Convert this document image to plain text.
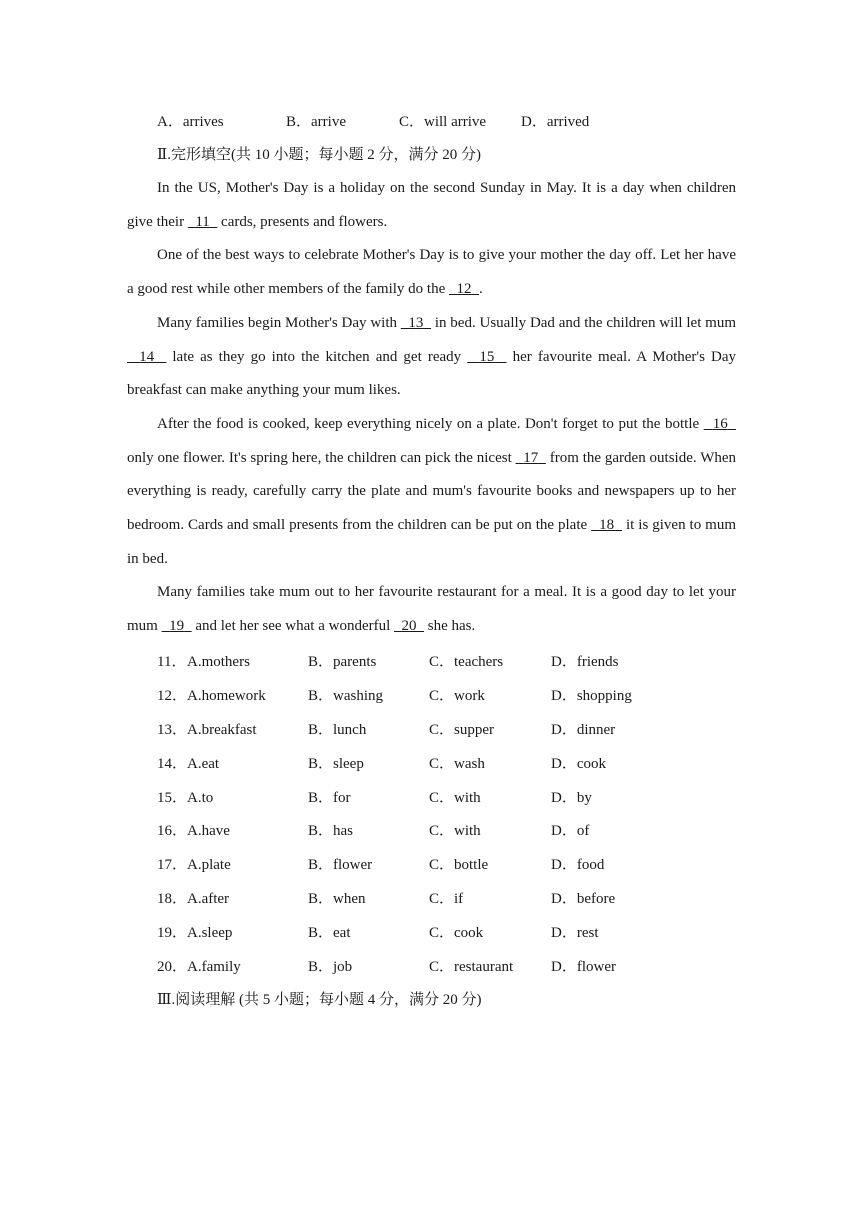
A．arrives	B．arrive	C．will arrive D．arrived
Ⅱ.完形填空(共 10 小题；每小题 2 分，满分 20 分)

In the US, Mother's Day is a holiday on the second Sunday in May. It is a day when children give their   11   cards, presents and flowers.

One of the best ways to celebrate Mother's Day is to give your mother the day off. Let her have a good rest while other members of the family do the   12 .

Many families begin Mother's Day with   13   in bed. Usually Dad and the children will let mum   14   late as they go into the kitchen and get ready   15   her favourite meal. A Mother's Day breakfast can make anything your mum likes.

After the food is cooked, keep everything nicely on a plate. Don't forget to put the bottle   16   only one flower. It's spring here, the children can pick the nicest   17   from the garden outside. When everything is ready, carefully carry the plate and mum's favourite books and newspapers up to her bedroom. Cards and small presents from the children can be put on the plate   18   it is given to mum in bed.

Many families take mum out to her favourite restaurant for a meal. It is a good day to let your mum   19   and let her see what a wonderful   20   she has.

11． A.mothers	B．parents	C．teachers	D．friends
12． A.homework	B．washing	C．work	D．shopping
13． A.breakfast	B．lunch	C．supper	D．dinner
14． A.eat	B．sleep	C．wash	D．cook
15． A.to	B．for	C．with	D．by
16． A.have	B．has	C．with	D．of
17． A.plate	B．flower	C．bottle	D．food
18． A.after	B．when	C．if	D．before
19． A.sleep	B．eat	C．cook	D．rest
20． A.family	B．job	C．restaurant	D．flower
Ⅲ.阅读理解 (共 5 小题；每小题 4 分，满分 20 分)
